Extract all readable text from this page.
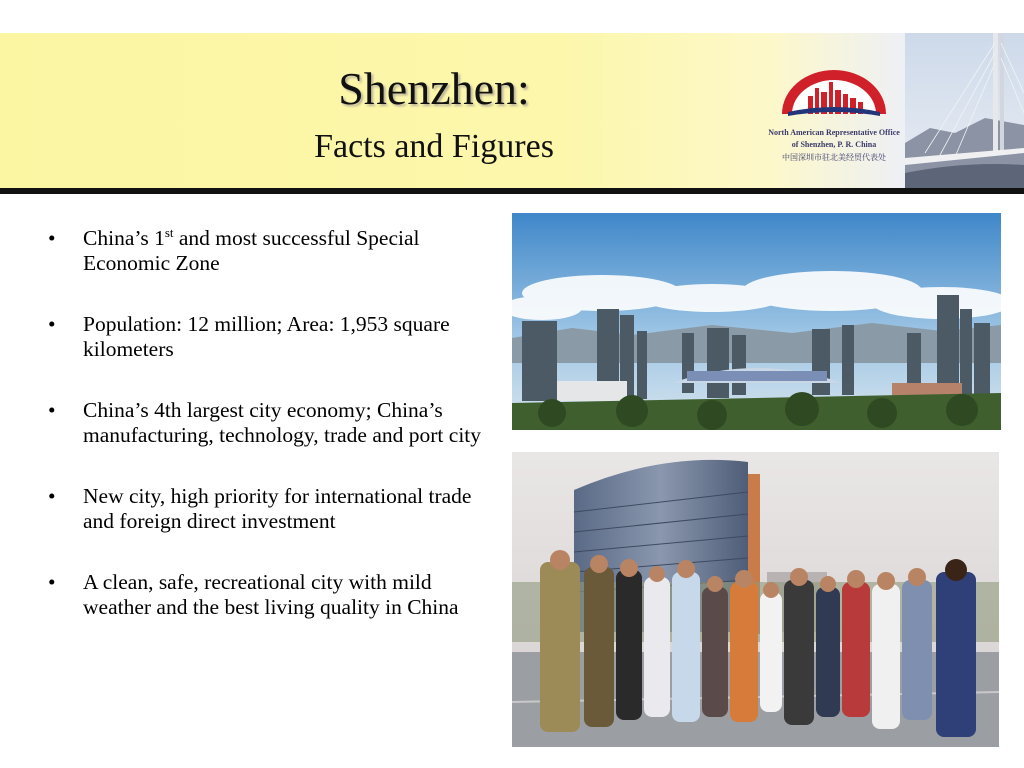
Shenzhen:
Facts and Figures	North American Representative Office
of Shenzhen, P. R. China
中国深圳市驻北美经贸代表处
• China’s 1st and most successful Special Economic Zone
• Population: 12 million; Area: 1,953 square kilometers
• China’s 4th largest city economy; China’s manufacturing, technology, trade and port city
• New city, high priority for international trade and foreign direct investment
• A clean, safe, recreational city with mild weather and the best living quality in China
